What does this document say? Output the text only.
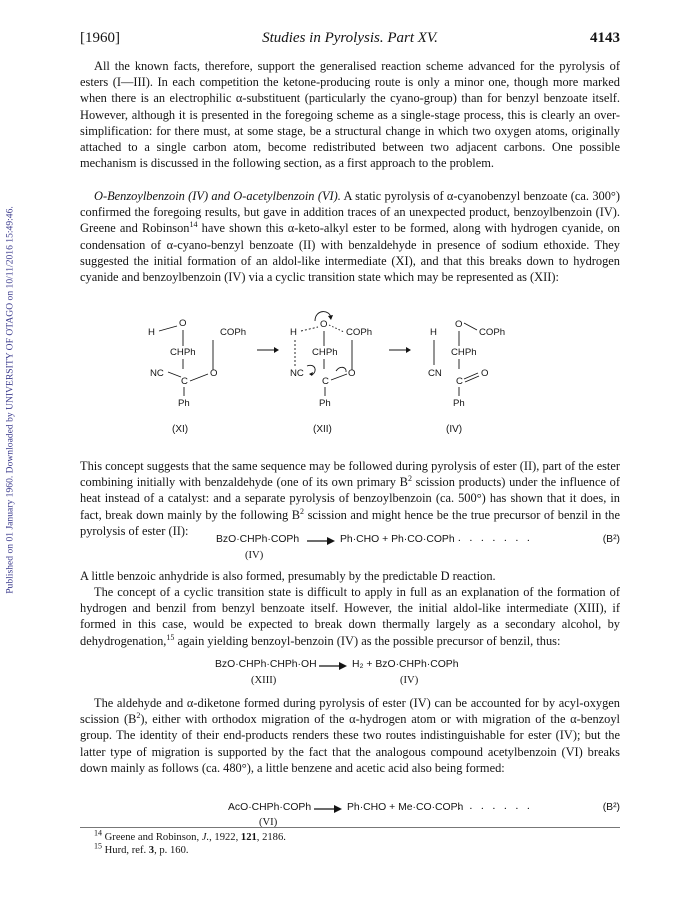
Published on 01 January 1960. Downloaded by UNIVERSITY OF OTAGO on 10/11/2016 15:49:46.
[1960]	Studies in Pyrolysis. Part XV.	4143

All the known facts, therefore, support the generalised reaction scheme advanced for the pyrolysis of esters (I—III). In each competition the ketone-producing route is only a minor one, though more marked when there is an electrophilic α-substituent (particularly the cyano-group) than for benzyl benzoate itself. However, although it is presented in the foregoing scheme as a single-stage process, this is clearly an over-simplification: for there must, at some stage, be a structural change in which two oxygen atoms, originally attached to a single carbon atom, become redistributed between two adjacent carbons. One possible mechanism is discussed in the following section, as a first approach to the problem.

O-Benzoylbenzoin (IV) and O-acetylbenzoin (VI). A static pyrolysis of α-cyanobenzyl benzoate (ca. 300°) confirmed the foregoing results, but gave in addition traces of an unexpected product, benzoylbenzoin (IV). Greene and Robinson$^{14}$ have shown this α-keto-alkyl ester to be formed, along with hydrogen cyanide, on condensation of α-cyano-benzyl benzoate (II) with benzaldehyde in presence of sodium ethoxide. They suggested the initial formation of an aldol-like intermediate (XI), and that this breaks down to hydrogen cyanide and benzoylbenzoin (IV) via a cyclic transition state which may be represented as (XII):

H
O
COPh
CHPh
NC
C
O
Ph
H
O
COPh
CHPh
NC
C
O
Ph
H
CN
O
COPh
CHPh
C
O
Ph
(XI)	(XII)	(IV)

This concept suggests that the same sequence may be followed during pyrolysis of ester (II), part of the ester combining initially with benzaldehyde (one of its own primary $B^2$ scission products) under the influence of heat instead of a catalyst: and a separate pyrolysis of benzoylbenzoin (ca. 500°) has shown that it does, in fact, break down mainly by the following $B^2$ scission and might hence be the true precursor of benzil in the pyrolysis of ester (II):

BzO·CHPh·COPh → Ph·CHO + Ph·CO·COPh . . . . . . .	(B²)
(IV)

A little benzoic anhydride is also formed, presumably by the predictable D reaction.

The concept of a cyclic transition state is difficult to apply in full as an explanation of the formation of hydrogen and benzil from benzyl benzoate itself. However, the initial aldol-like intermediate (XIII), if formed in this case, would be expected to break down thermally largely as a secondary alcohol, by dehydrogenation,$^{15}$ again yielding benzoyl-benzoin (IV) as the possible precursor of benzil, thus:

BzO·CHPh·CHPh·OH → H₂ + BzO·CHPh·COPh
(XIII)	(IV)

The aldehyde and α-diketone formed during pyrolysis of ester (IV) can be accounted for by acyl-oxygen scission $(B^2)$, either with orthodox migration of the α-hydrogen atom or with migration of the α-benzoyl group. The identity of their end-products renders these two routes indistinguishable for ester (IV); but the latter type of migration is supported by the fact that the analogous compound acetylbenzoin (VI) breaks down mainly as follows (ca. 480°), a little benzene and acetic acid also being formed:

AcO·CHPh·COPh → Ph·CHO + Me·CO·COPh
. . . . . . .	(B²)
(VI)
$^{14}$ Greene and Robinson, J., 1922, 121, 2186.
$^{15}$ Hurd, ref. 3, p. 160.
